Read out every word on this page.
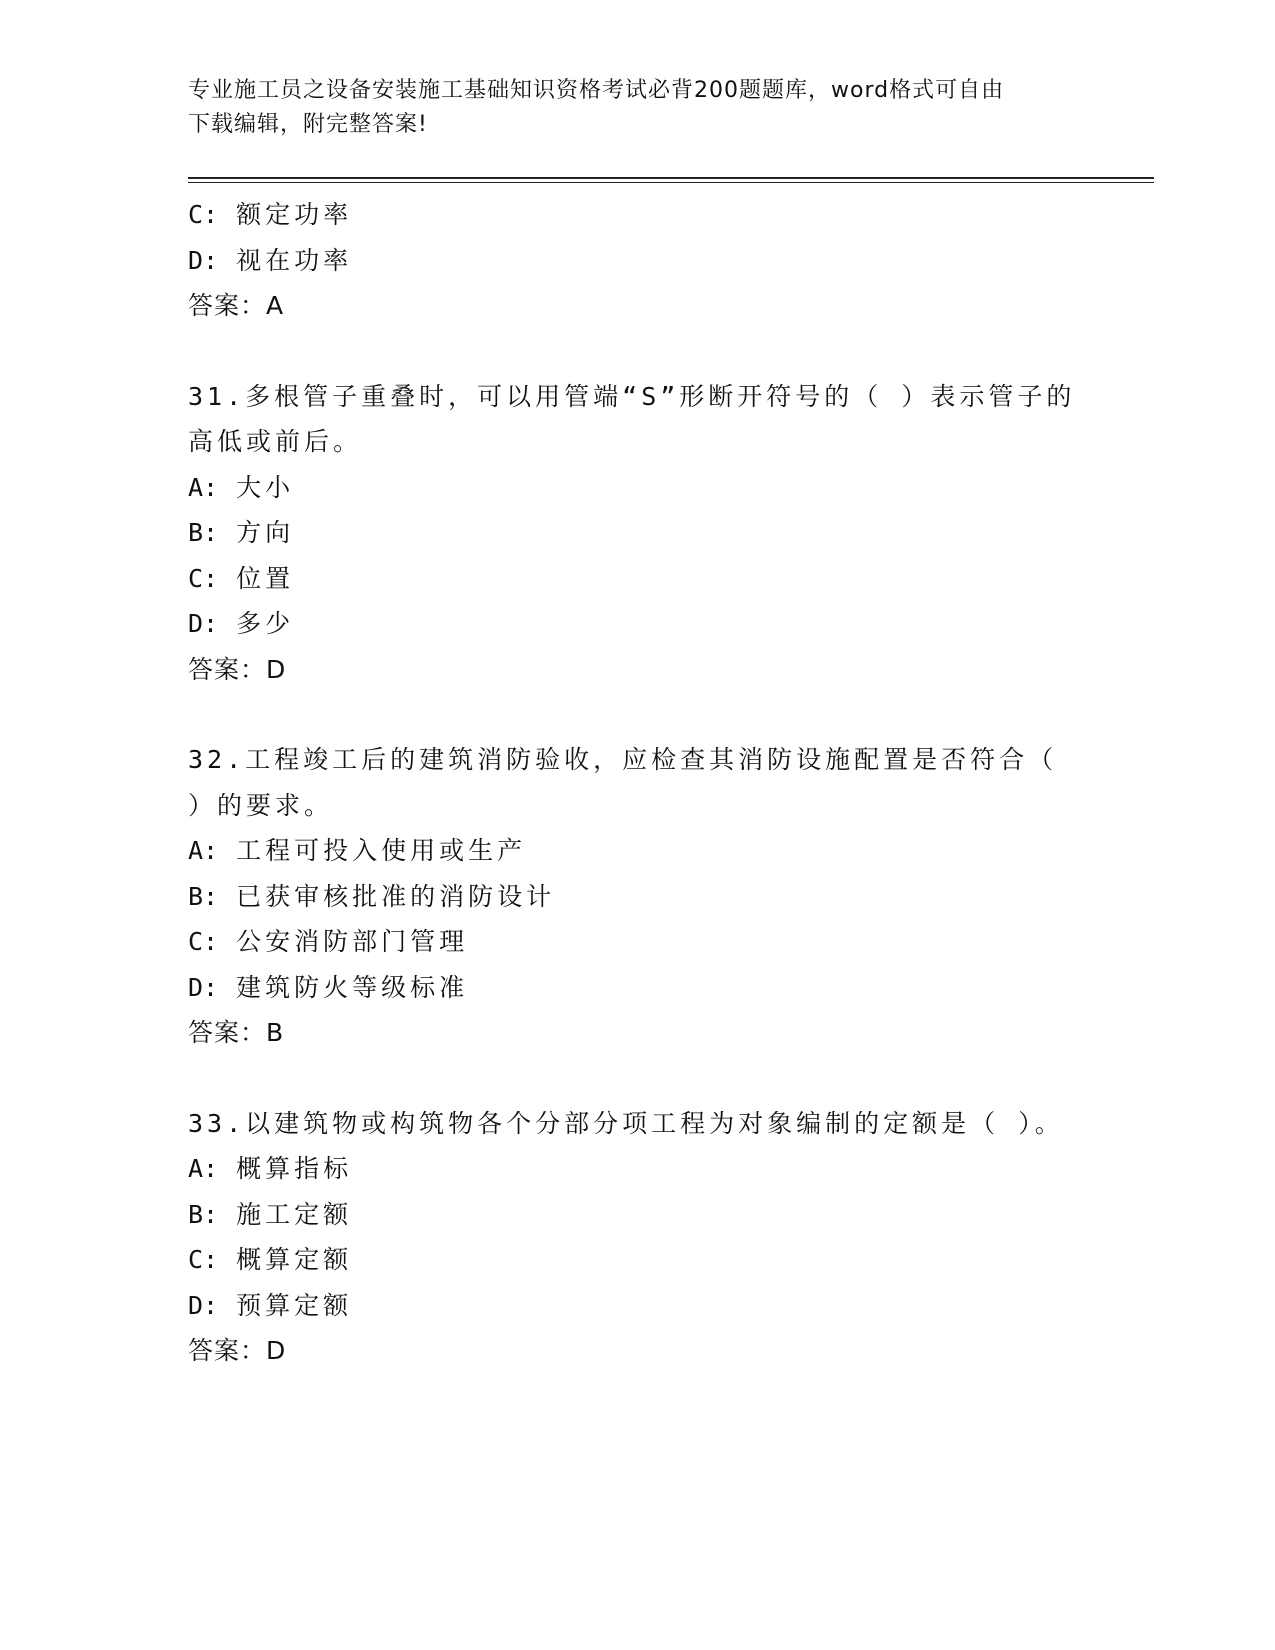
专业施工员之设备安装施工基础知识资格考试必背200题题库，word格式可自由
下载编辑，附完整答案!
C: 额定功率
D: 视在功率
答案：A
31.多根管子重叠时，可以用管端“S”形断开符号的（ ）表示管子的
高低或前后。
A: 大小
B: 方向
C: 位置
D: 多少
答案：D
32.工程竣工后的建筑消防验收，应检查其消防设施配置是否符合（
）的要求。
A: 工程可投入使用或生产
B: 已获审核批准的消防设计
C: 公安消防部门管理
D: 建筑防火等级标准
答案：B
33.以建筑物或构筑物各个分部分项工程为对象编制的定额是（ ）。
A: 概算指标
B: 施工定额
C: 概算定额
D: 预算定额
答案：D
